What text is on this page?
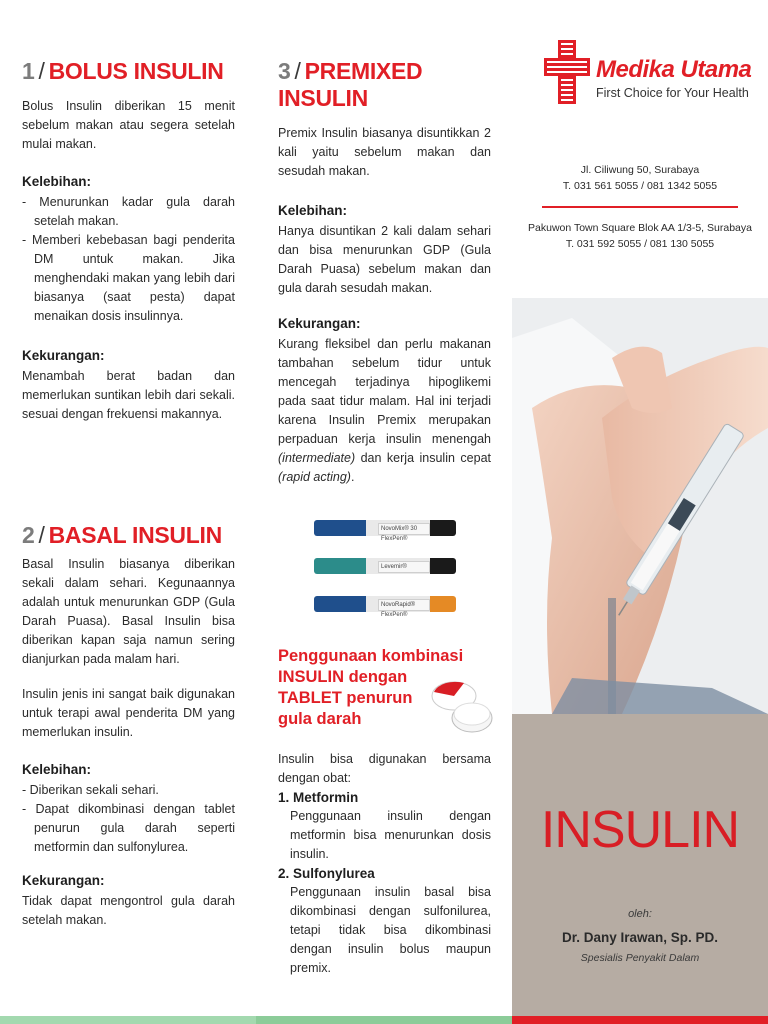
1 / BOLUS INSULIN

Bolus Insulin diberikan 15 menit sebelum makan atau segera setelah mulai makan.

Kelebihan:
- Menurunkan kadar gula darah setelah makan.
- Memberi kebebasan bagi penderita DM untuk makan. Jika menghendaki makan yang lebih dari biasanya (saat pesta) dapat menaikan dosis insulinnya.
Kekurangan:

Menambah berat badan dan memerlukan suntikan lebih dari sekali. sesuai dengan frekuensi makannya.

2 / BASAL INSULIN

Basal Insulin biasanya diberikan sekali dalam sehari. Kegunaannya adalah untuk menurunkan GDP (Gula Darah Puasa). Basal Insulin bisa diberikan kapan saja namun sering dianjurkan pada malam hari.

Insulin jenis ini sangat baik digunakan untuk terapi awal penderita DM yang memerlukan insulin.

Kelebihan:
- Diberikan sekali sehari.
- Dapat dikombinasi dengan tablet penurun gula darah seperti metformin dan sulfonylurea.
Kekurangan:

Tidak dapat mengontrol gula darah setelah makan.

3 / PREMIXED INSULIN

Premix Insulin biasanya disuntikkan 2 kali yaitu sebelum makan dan sesudah makan.

Kelebihan:

Hanya disuntikan 2 kali dalam sehari dan bisa menurunkan GDP (Gula Darah Puasa) sebelum makan dan gula darah sesudah makan.

Kekurangan:

Kurang fleksibel dan perlu makanan tambahan sebelum tidur untuk mencegah terjadinya hipoglikemi pada saat tidur malam. Hal ini terjadi karena Insulin Premix merupakan perpaduan kerja insulin menengah (intermediate) dan kerja insulin cepat (rapid acting).

NovoMix® 30 FlexPen®
Levemir®
NovoRapid® FlexPen®
Penggunaan kombinasi
INSULIN dengan
TABLET penurun
gula darah

Insulin bisa digunakan bersama dengan obat:

1. Metformin

Penggunaan insulin dengan metformin bisa menurunkan dosis insulin.

2. Sulfonylurea

Penggunaan insulin basal bisa dikombinasi dengan sulfonilurea, tetapi tidak bisa dikombinasi dengan insulin bolus maupun premix.

Medika Utama
First Choice for Your Health
Jl. Ciliwung 50, Surabaya
T. 031 561 5055 / 081 1342 5055
Pakuwon Town Square Blok AA 1/3-5, Surabaya
T. 031 592 5055 / 081 130 5055
INSULIN
oleh:
Dr. Dany Irawan, Sp. PD.
Spesialis Penyakit Dalam
